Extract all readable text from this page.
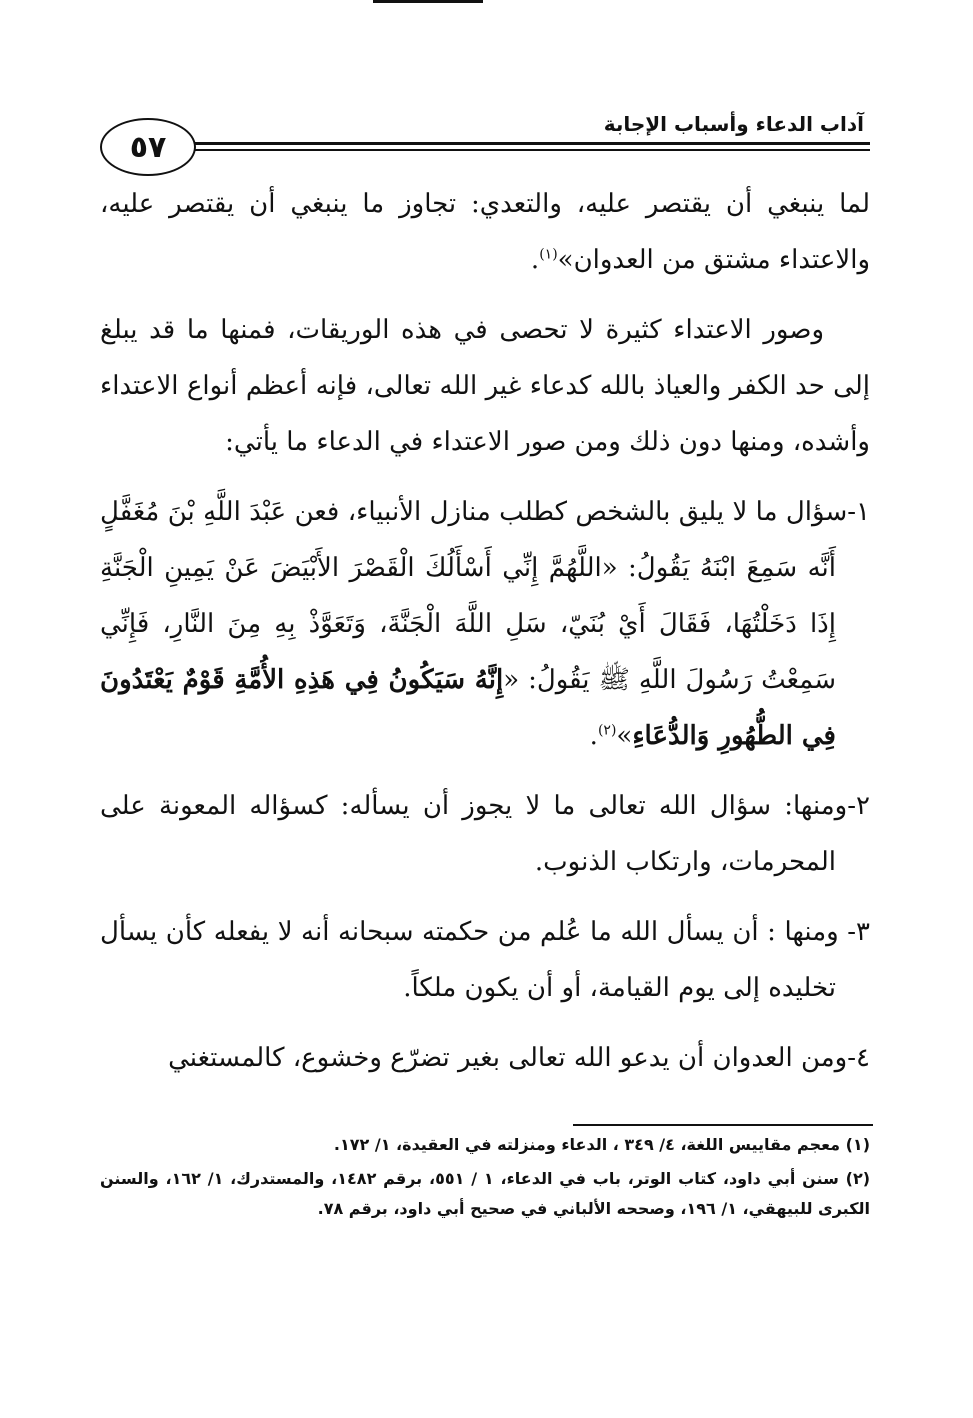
آداب الدعاء وأسباب الإجابة
٥٧

لما ينبغي أن يقتصر عليه، والتعدي: تجاوز ما ينبغي أن يقتصر عليه، والاعتداء مشتق من العدوان»$^{(١)}$.

وصور الاعتداء كثيرة لا تحصى في هذه الوريقات، فمنها ما قد يبلغ إلى حد الكفر والعياذ بالله كدعاء غير الله تعالى، فإنه أعظم أنواع الاعتداء وأشده، ومنها دون ذلك ومن صور الاعتداء في الدعاء ما يأتي:

١-سؤال ما لا يليق بالشخص كطلب منازل الأنبياء، فعن عَبْدَ اللَّهِ بْنَ مُغَفَّلٍ أَنَّه سَمِعَ ابْنَهُ يَقُولُ: «اللَّهُمَّ إِنِّي أَسْأَلُكَ الْقَصْرَ الأَبْيَضَ عَنْ يَمِينِ الْجَنَّةِ إِذَا دَخَلْتُهَا، فَقَالَ أَيْ بُنَيّ، سَلِ اللَّهَ الْجَنَّةَ، وَتَعَوَّذْ بِهِ مِنَ النَّارِ، فَإِنِّي سَمِعْتُ رَسُولَ اللَّهِ ﷺ يَقُولُ: «إِنَّهُ سَيَكُونُ فِي هَذِهِ الأُمَّةِ قَوْمٌ يَعْتَدُونَ فِي الطُّهُورِ وَالدُّعَاءِ»$^{(٢)}$.

٢-ومنها: سؤال الله تعالى ما لا يجوز أن يسأله: كسؤاله المعونة على المحرمات، وارتكاب الذنوب.

٣- ومنها : أن يسأل الله ما عُلم من حكمته سبحانه أنه لا يفعله كأن يسأل تخليده إلى يوم القيامة، أو أن يكون ملكاً.

٤-ومن العدوان أن يدعو الله تعالى بغير تضرّع وخشوع، كالمستغني

(١) معجم مقاييس اللغة، ٤/ ٣٤٩ ، الدعاء ومنزلته في العقيدة، ١/ ١٧٢.

(٢) سنن أبي داود، كتاب الوتر، باب في الدعاء، ١ / ٥٥١، برقم ١٤٨٢، والمستدرك، ١/ ١٦٢، والسنن الكبرى للبيهقي، ١/ ١٩٦، وصححه الألباني في صحيح أبي داود، برقم ٧٨.
